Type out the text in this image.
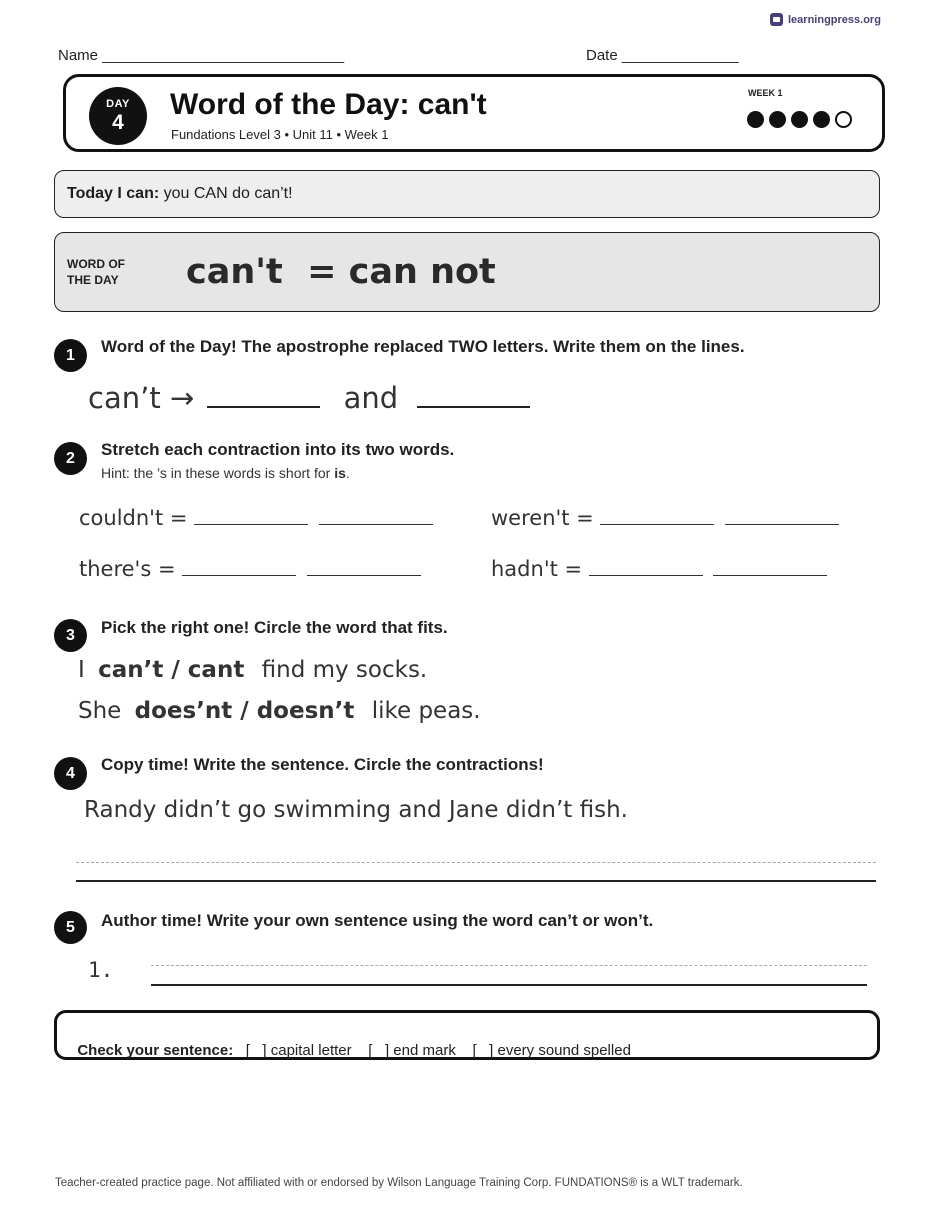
learningpress.org
Name _____________________________	Date ______________
DAY
4
Word of the Day: can't
Fundations Level 3 • Unit 11 • Week 1
WEEK 1
Today I can: you CAN do can’t!
WORD OF
THE DAY	can't  = can not
1	Word of the Day! The apostrophe replaced TWO letters. Write them on the lines.
can’t →	and
2	Stretch each contraction into its two words.
Hint: the ’s in these words is short for is.
couldn't =	weren't =
there's =	hadn't =
3	Pick the right one! Circle the word that fits.
I can’t / cant find my socks.
She does’nt / doesn’t like peas.
4	Copy time! Write the sentence. Circle the contractions!
Randy didn’t go swimming and Jane didn’t fish.
5	Author time! Write your own sentence using the word can’t or won’t.
1.

Check your sentence:   [   ] capital letter    [   ] end mark    [   ] every sound spelled

Teacher-created practice page. Not affiliated with or endorsed by Wilson Language Training Corp. FUNDATIONS® is a WLT trademark.
